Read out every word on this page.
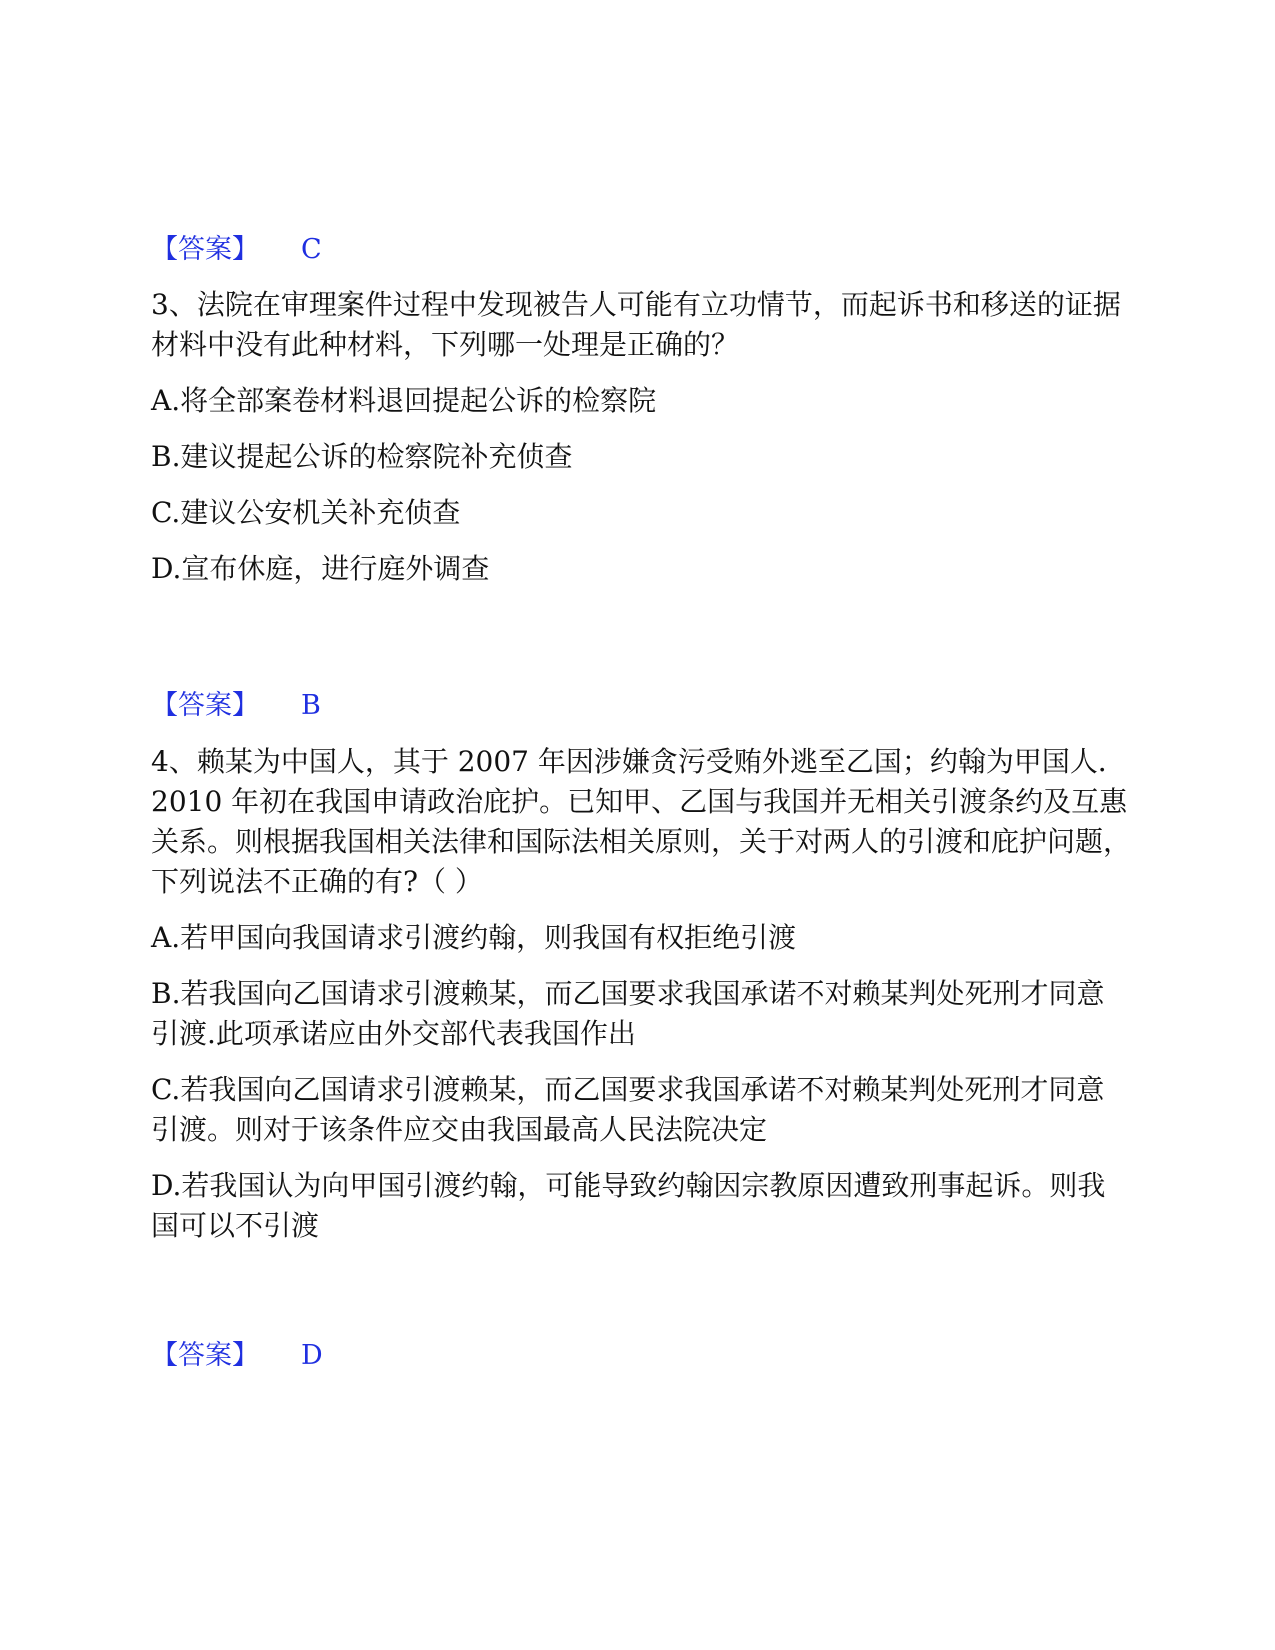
【答案】 C

3、法院在审理案件过程中发现被告人可能有立功情节，而起诉书和移送的证据材料中没有此种材料，下列哪一处理是正确的？

A.将全部案卷材料退回提起公诉的检察院

B.建议提起公诉的检察院补充侦查

C.建议公安机关补充侦查

D.宣布休庭，进行庭外调查

【答案】 B

4、赖某为中国人，其于 2007 年因涉嫌贪污受贿外逃至乙国；约翰为甲国人．2010 年初在我国申请政治庇护。已知甲、乙国与我国并无相关引渡条约及互惠关系。则根据我国相关法律和国际法相关原则，关于对两人的引渡和庇护问题，下列说法不正确的有?（ ）

A.若甲国向我国请求引渡约翰，则我国有权拒绝引渡

B.若我国向乙国请求引渡赖某，而乙国要求我国承诺不对赖某判处死刑才同意引渡.此项承诺应由外交部代表我国作出

C.若我国向乙国请求引渡赖某，而乙国要求我国承诺不对赖某判处死刑才同意引渡。则对于该条件应交由我国最高人民法院决定

D.若我国认为向甲国引渡约翰，可能导致约翰因宗教原因遭致刑事起诉。则我国可以不引渡

【答案】 D
